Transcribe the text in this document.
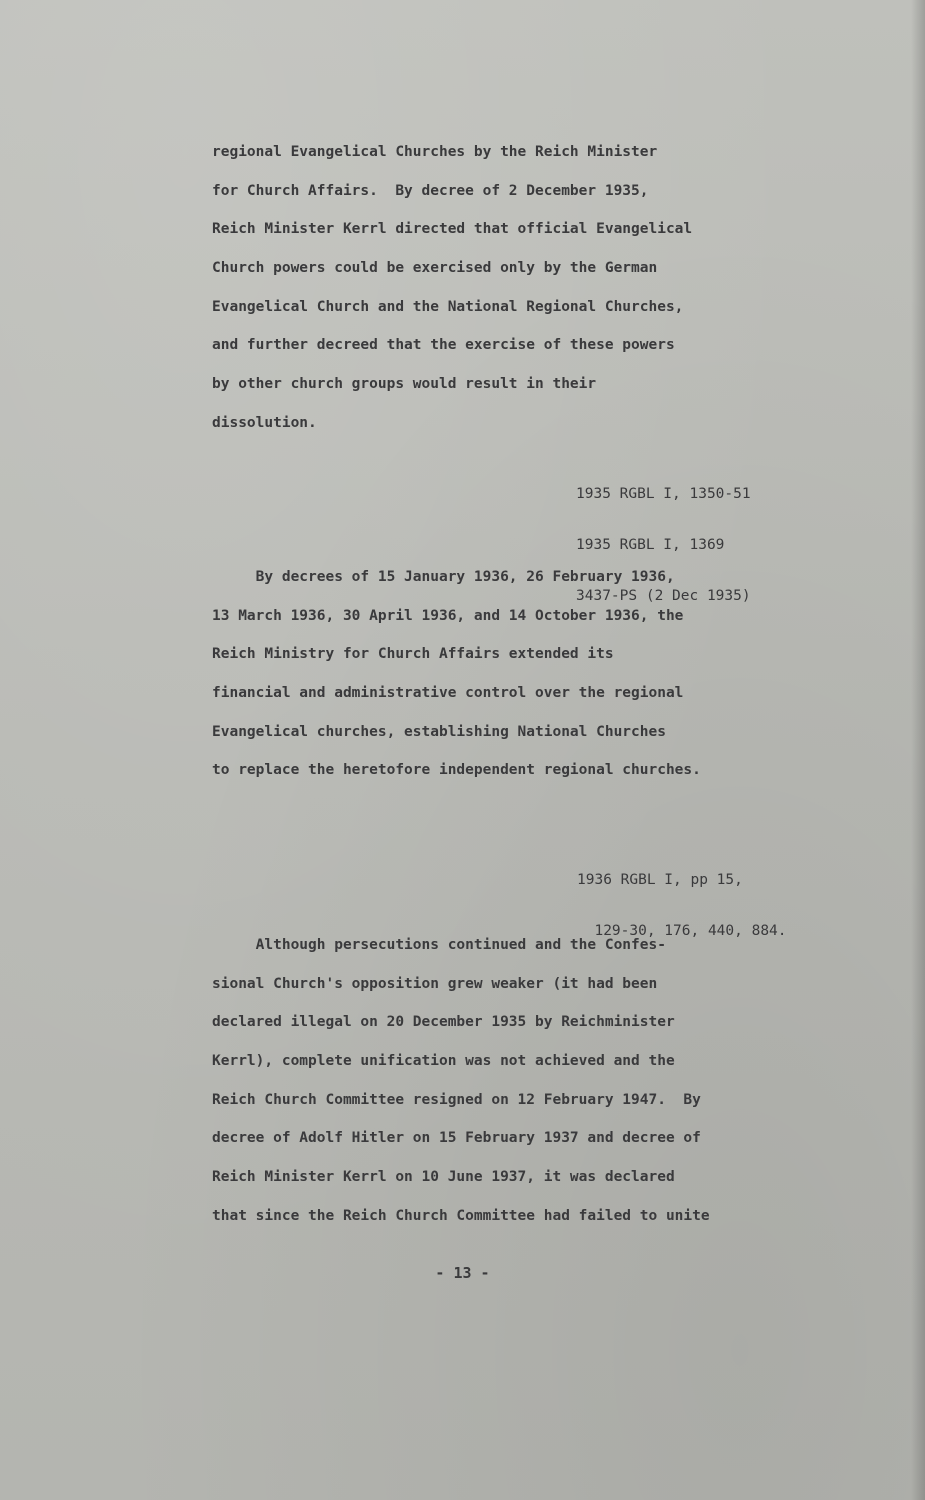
regional Evangelical Churches by the Reich Minister
for Church Affairs.  By decree of 2 December 1935,
Reich Minister Kerrl directed that official Evangelical
Church powers could be exercised only by the German
Evangelical Church and the National Regional Churches,
and further decreed that the exercise of these powers
by other church groups would result in their
dissolution.

1935 RGBL I, 1350-51

1935 RGBL I, 1369

3437-PS (2 Dec 1935)

By decrees of 15 January 1936, 26 February 1936,
13 March 1936, 30 April 1936, and 14 October 1936, the
Reich Ministry for Church Affairs extended its
financial and administrative control over the regional
Evangelical churches, establishing National Churches
to replace the heretofore independent regional churches.

1936 RGBL I, pp 15,

129-30, 176, 440, 884.

Although persecutions continued and the Confes-
sional Church's opposition grew weaker (it had been
declared illegal on 20 December 1935 by Reichminister
Kerrl), complete unification was not achieved and the
Reich Church Committee resigned on 12 February 1947.  By
decree of Adolf Hitler on 15 February 1937 and decree of
Reich Minister Kerrl on 10 June 1937, it was declared
that since the Reich Church Committee had failed to unite
- 13 -
